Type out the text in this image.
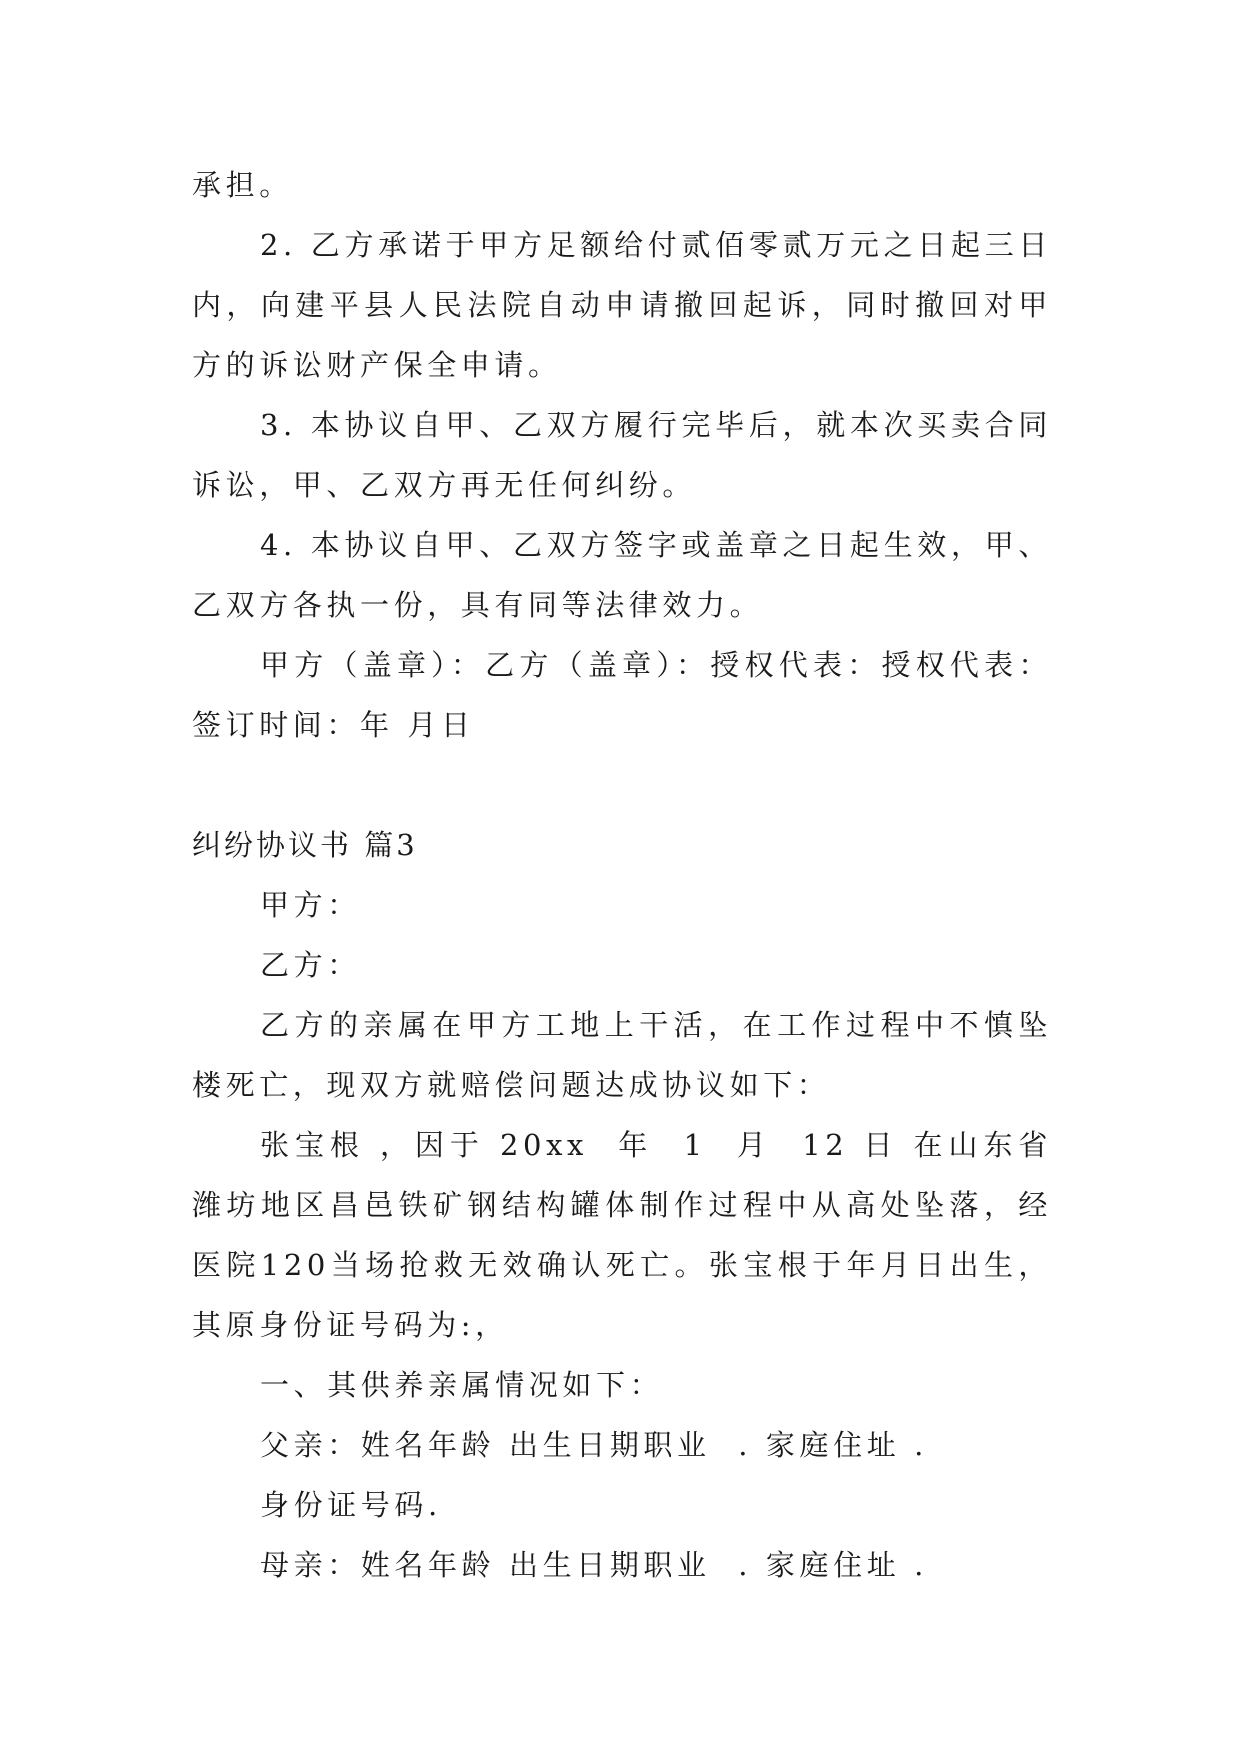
承担。

2. 乙方承诺于甲方足额给付贰佰零贰万元之日起三日内，向建平县人民法院自动申请撤回起诉，同时撤回对甲方的诉讼财产保全申请。

3. 本协议自甲、乙双方履行完毕后，就本次买卖合同诉讼，甲、乙双方再无任何纠纷。

4. 本协议自甲、乙双方签字或盖章之日起生效，甲、乙双方各执一份，具有同等法律效力。

甲方（盖章）：乙方（盖章）：授权代表：授权代表：签订时间：年 月日

纠纷协议书 篇3

甲方：

乙方：

乙方的亲属在甲方工地上干活，在工作过程中不慎坠楼死亡，现双方就赔偿问题达成协议如下：

张宝根 ，因于 20xx  年  1  月  12 日 在山东省潍坊地区昌邑铁矿钢结构罐体制作过程中从高处坠落，经医院120当场抢救无效确认死亡。张宝根于年月日出生，其原身份证号码为:，

一、其供养亲属情况如下：

父亲：姓名年龄 出生日期职业  . 家庭住址 .

身份证号码.

母亲：姓名年龄 出生日期职业  . 家庭住址 .
